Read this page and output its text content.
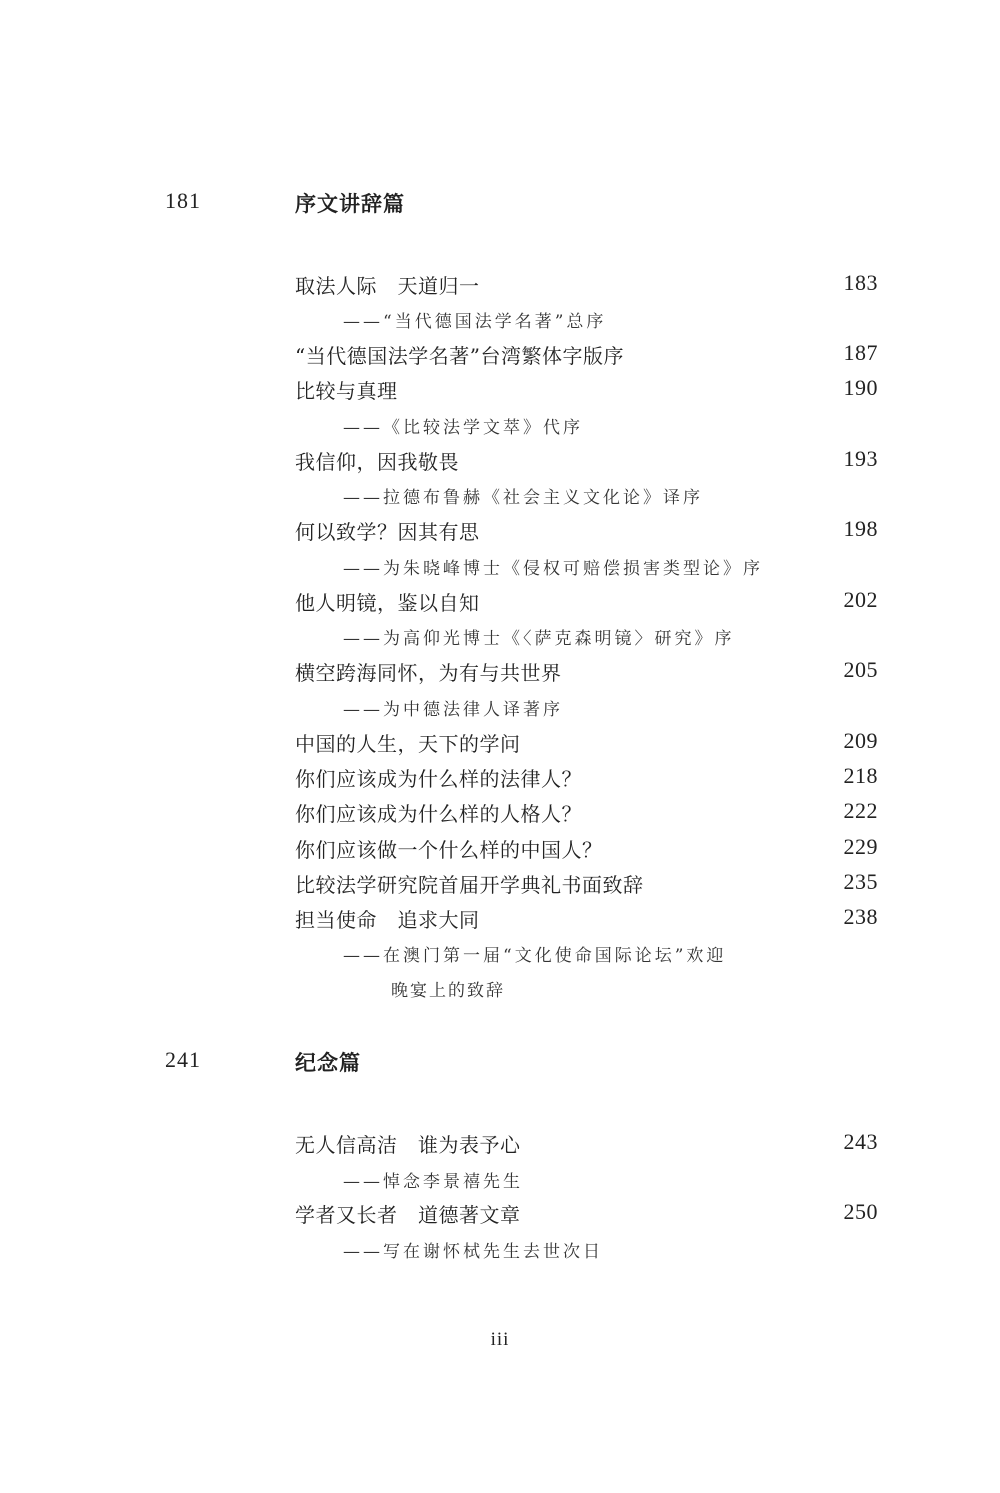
181	序文讲辞篇
取法人际　天道归一	183
——“当代德国法学名著”总序
“当代德国法学名著”台湾繁体字版序	187
比较与真理	190
——《比较法学文萃》代序
我信仰，因我敬畏	193
——拉德布鲁赫《社会主义文化论》译序
何以致学？因其有思	198
——为朱晓峰博士《侵权可赔偿损害类型论》序
他人明镜，鉴以自知	202
——为高仰光博士《〈萨克森明镜〉研究》序
横空跨海同怀，为有与共世界	205
——为中德法律人译著序
中国的人生，天下的学问	209
你们应该成为什么样的法律人？	218
你们应该成为什么样的人格人？	222
你们应该做一个什么样的中国人？	229
比较法学研究院首届开学典礼书面致辞	235
担当使命　追求大同	238
——在澳门第一届“文化使命国际论坛”欢迎
晚宴上的致辞
241	纪念篇
无人信高洁　谁为表予心	243
——悼念李景禧先生
学者又长者　道德著文章	250
——写在谢怀栻先生去世次日
iii
